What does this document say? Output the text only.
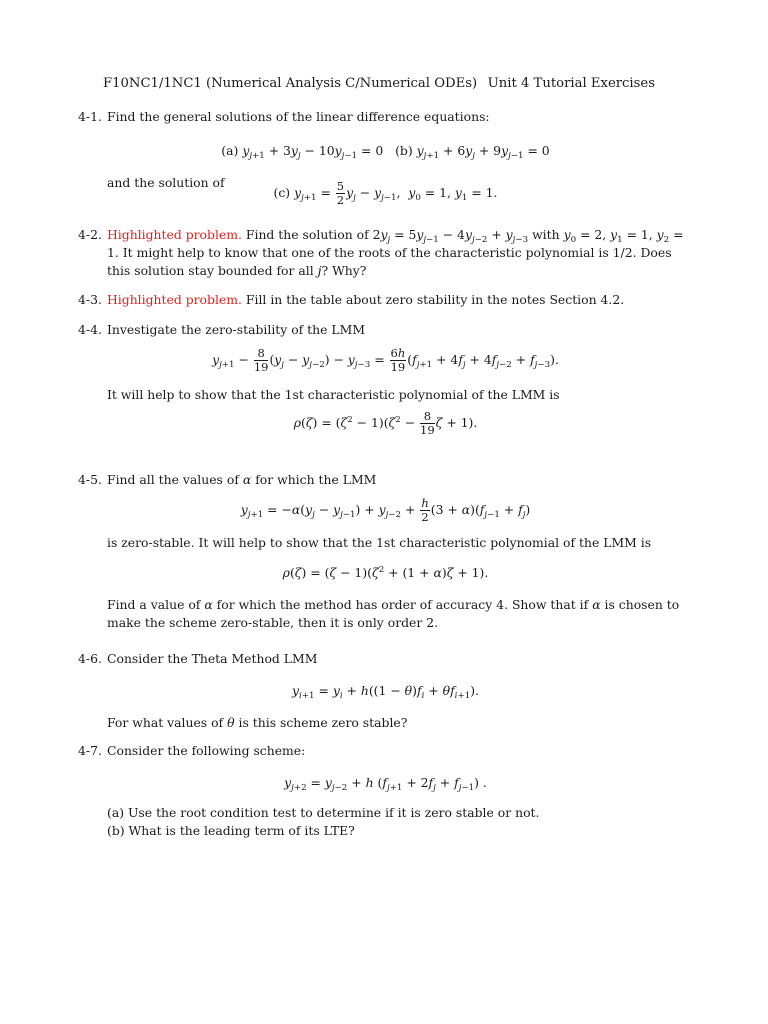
F10NC1/1NC1 (Numerical Analysis C/Numerical ODEs) Unit 4 Tutorial Exercises
4-1. Find the general solutions of the linear difference equations:

(a) $y_{j+1} + 3y_j - 10y_{j-1} = 0$   (b) $y_{j+1} + 6y_j + 9y_{j-1} = 0$

and the solution of

(c) $y_{j+1} = \frac{5}{2} y_j - y_{j-1}$,  $y_0 = 1$, $y_1 = 1$.
4-2. Highlighted problem. Find the solution of $2y_j = 5y_{j-1} - 4y_{j-2} + y_{j-3}$ with $y_0 = 2$, $y_1 = 1$, $y_2 = 1$. It might help to know that one of the roots of the characteristic polynomial is 1/2. Does this solution stay bounded for all j? Why?

4-3. Highlighted problem. Fill in the table about zero stability in the notes Section 4.2.

4-4. Investigate the zero-stability of the LMM

$y_{j+1} - \frac{8}{19} (y_j - y_{j-2}) - y_{j-3} = \frac{6h}{19} (f_{j+1} + 4f_j + 4f_{j-2} + f_{j-3})$.

It will help to show that the 1st characteristic polynomial of the LMM is

$\rho(\zeta) = (\zeta^2 - 1)(\zeta^2 - \frac{8}{19}$ ζ + 1).
4-5. Find all the values of α for which the LMM

$y_{j+1} = -\alpha(y_j - y_{j-1}) + y_{j-2} + \frac{h}{2} (3 + \alpha)(f_{j-1} + f_j)$

is zero-stable. It will help to show that the 1st characteristic polynomial of the LMM is

$\rho(\zeta) = (\zeta - 1)(\zeta^2 + (1 + \alpha)\zeta + 1)$.

Find a value of α for which the method has order of accuracy 4. Show that if α is chosen to make the scheme zero-stable, then it is only order 2.

4-6. Consider the Theta Method LMM

$y_{i+1} = y_i + h((1 - \theta)f_i + \theta f_{i+1})$.

For what values of θ is this scheme zero stable?

4-7. Consider the following scheme:

$y_{j+2} = y_{j-2} + h$ $(f_{j+1} + 2f_j + f_{j-1})$ .

(a) Use the root condition test to determine if it is zero stable or not.

(b) What is the leading term of its LTE?
